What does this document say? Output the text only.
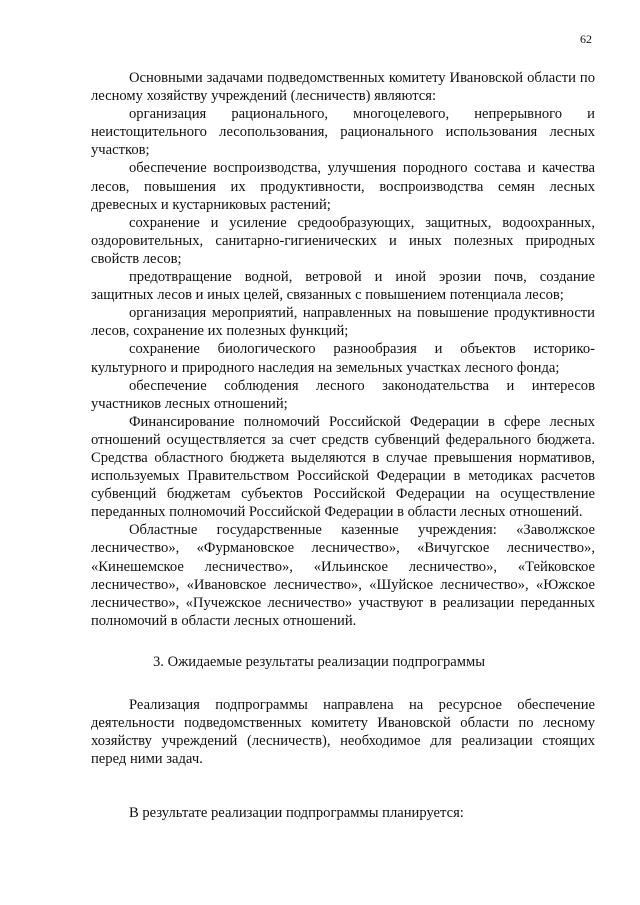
62

Основными задачами подведомственных комитету Ивановской области по лесному хозяйству учреждений (лесничеств) являются:

организация рационального, многоцелевого, непрерывного и неистощительного лесопользования, рационального использования лесных участков;

обеспечение воспроизводства, улучшения породного состава и качества лесов, повышения их продуктивности, воспроизводства семян лесных древесных и кустарниковых растений;

сохранение и усиление средообразующих, защитных, водоохранных, оздоровительных, санитарно-гигиенических и иных полезных природных свойств лесов;

предотвращение водной, ветровой и иной эрозии почв, создание защитных лесов и иных целей, связанных с повышением потенциала лесов;

организация мероприятий, направленных на повышение продуктивности лесов, сохранение их полезных функций;

сохранение биологического разнообразия и объектов историко-культурного и природного наследия на земельных участках лесного фонда;

обеспечение соблюдения лесного законодательства и интересов участников лесных отношений;

Финансирование полномочий Российской Федерации в сфере лесных отношений осуществляется за счет средств субвенций федерального бюджета. Средства областного бюджета выделяются в случае превышения нормативов, используемых Правительством Российской Федерации в методиках расчетов субвенций бюджетам субъектов Российской Федерации на осуществление переданных полномочий Российской Федерации в области лесных отношений.

Областные государственные казенные учреждения: «Заволжское лесничество», «Фурмановское лесничество», «Вичугское лесничество», «Кинешемское лесничество», «Ильинское лесничество», «Тейковское лесничество», «Ивановское лесничество», «Шуйское лесничество», «Южское лесничество», «Пучежское лесничество» участвуют в реализации переданных полномочий в области лесных отношений.

3. Ожидаемые результаты реализации подпрограммы

Реализация подпрограммы направлена на ресурсное обеспечение деятельности подведомственных комитету Ивановской области по лесному хозяйству учреждений (лесничеств), необходимое для реализации стоящих перед ними задач.

В результате реализации подпрограммы планируется:
